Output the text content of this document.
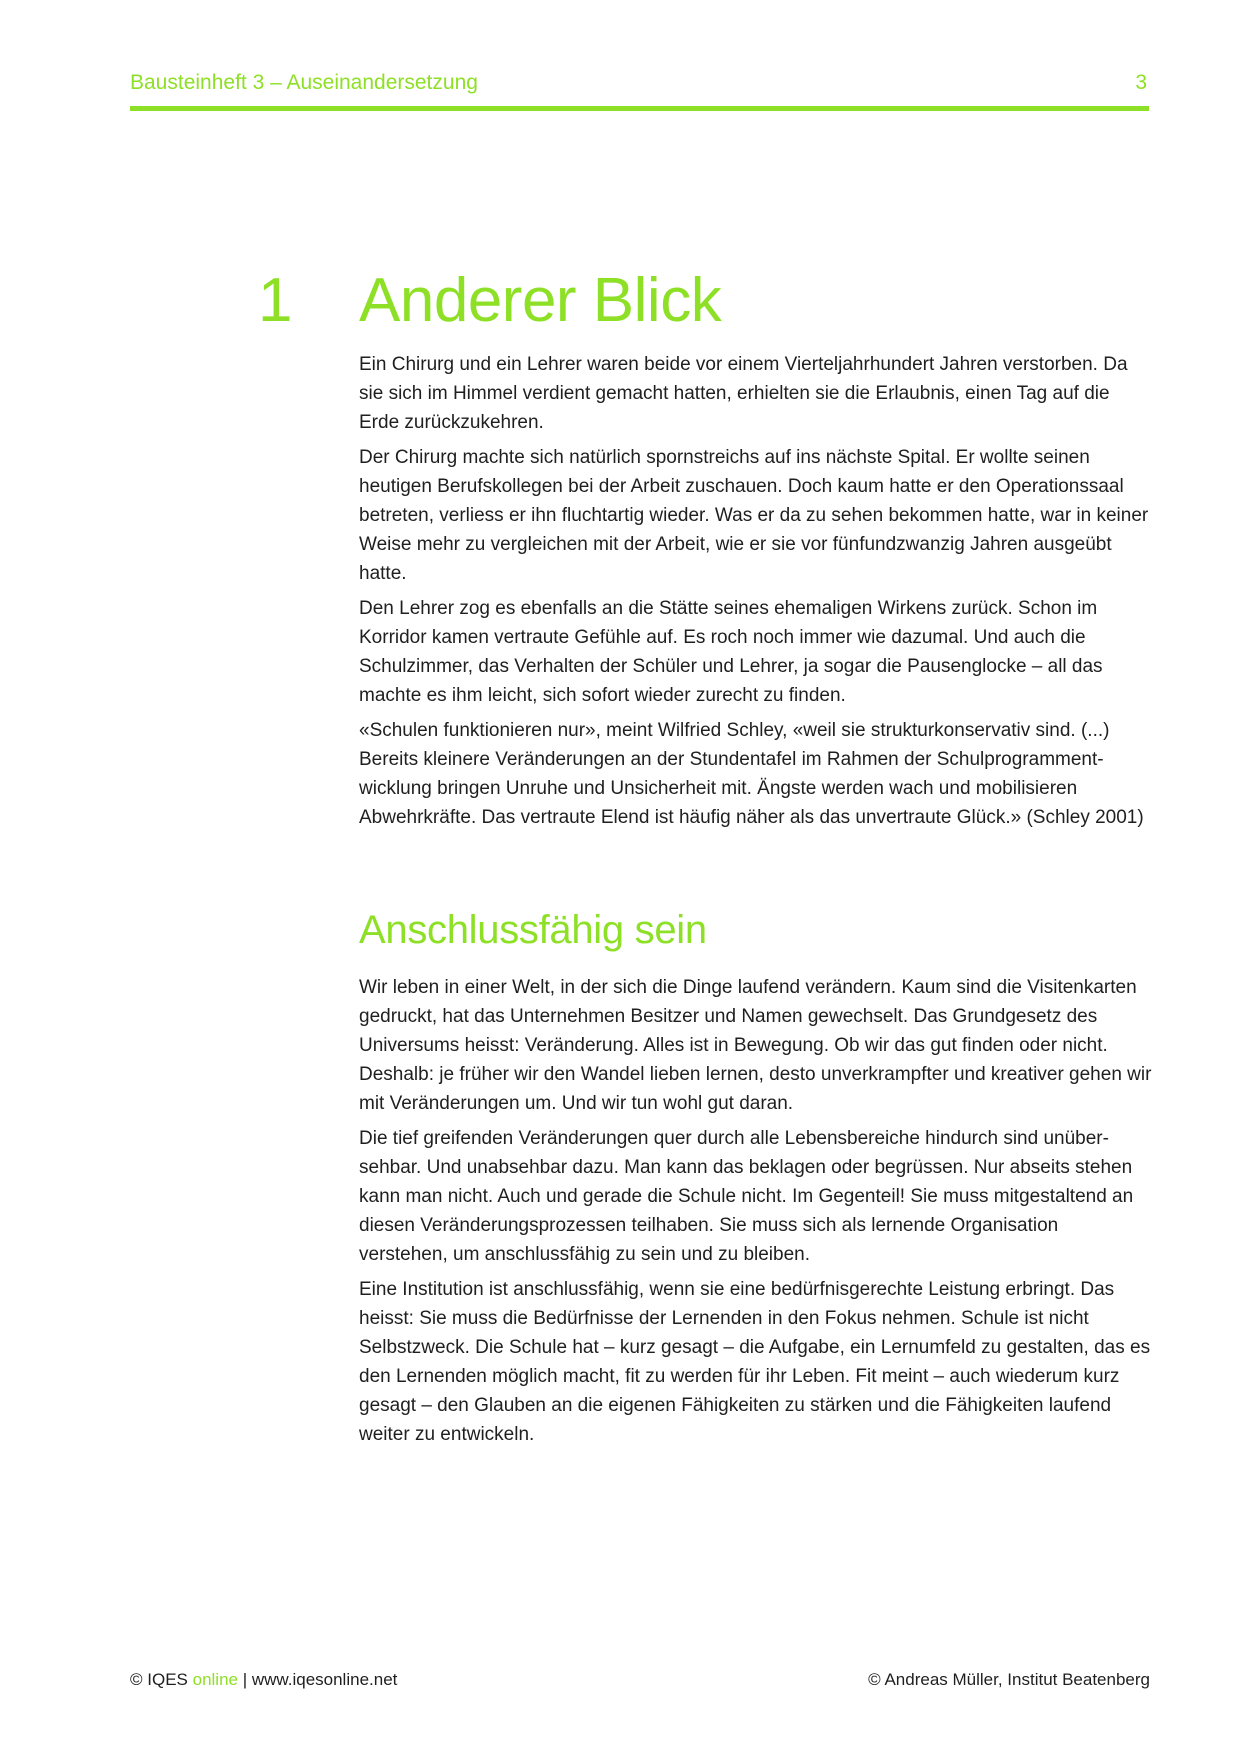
Bausteinheft 3 – Auseinandersetzung	3
1 Anderer Blick

Ein Chirurg und ein Lehrer waren beide vor einem Vierteljahrhundert Jahren verstorben. Da sie sich im Himmel verdient gemacht hatten, erhielten sie die Erlaubnis, einen Tag auf die Erde zurückzukehren.

Der Chirurg machte sich natürlich spornstreichs auf ins nächste Spital. Er wollte seinen heutigen Berufskollegen bei der Arbeit zuschauen. Doch kaum hatte er den Operationssaal betreten, verliess er ihn fluchtartig wieder. Was er da zu sehen bekommen hatte, war in keiner Weise mehr zu vergleichen mit der Arbeit, wie er sie vor fünfundzwanzig Jahren ausgeübt hatte.

Den Lehrer zog es ebenfalls an die Stätte seines ehemaligen Wirkens zurück. Schon im Korridor kamen vertraute Gefühle auf. Es roch noch immer wie dazumal. Und auch die Schulzimmer, das Verhalten der Schüler und Lehrer, ja sogar die Pausenglocke – all das machte es ihm leicht, sich sofort wieder zurecht zu finden.

«Schulen funktionieren nur», meint Wilfried Schley, «weil sie strukturkonservativ sind. (...) Bereits kleinere Veränderungen an der Stundentafel im Rahmen der Schulprogrammentwicklung bringen Unruhe und Unsicherheit mit. Ängste werden wach und mobilisieren Abwehrkräfte. Das vertraute Elend ist häufig näher als das unvertraute Glück.» (Schley 2001)

Anschlussfähig sein

Wir leben in einer Welt, in der sich die Dinge laufend verändern. Kaum sind die Visitenkarten gedruckt, hat das Unternehmen Besitzer und Namen gewechselt. Das Grundgesetz des Universums heisst: Veränderung. Alles ist in Bewegung. Ob wir das gut finden oder nicht. Deshalb: je früher wir den Wandel lieben lernen, desto unverkrampfter und kreativer gehen wir mit Veränderungen um. Und wir tun wohl gut daran.

Die tief greifenden Veränderungen quer durch alle Lebensbereiche hindurch sind unübersehbar. Und unabsehbar dazu. Man kann das beklagen oder begrüssen. Nur abseits stehen kann man nicht. Auch und gerade die Schule nicht. Im Gegenteil! Sie muss mitgestaltend an diesen Veränderungsprozessen teilhaben. Sie muss sich als lernende Organisation verstehen, um anschlussfähig zu sein und zu bleiben.

Eine Institution ist anschlussfähig, wenn sie eine bedürfnisgerechte Leistung erbringt. Das heisst: Sie muss die Bedürfnisse der Lernenden in den Fokus nehmen. Schule ist nicht Selbstzweck. Die Schule hat – kurz gesagt – die Aufgabe, ein Lernumfeld zu gestalten, das es den Lernenden möglich macht, fit zu werden für ihr Leben. Fit meint – auch wiederum kurz gesagt – den Glauben an die eigenen Fähigkeiten zu stärken und die Fähigkeiten laufend weiter zu entwickeln.

© IQES online | www.iqesonline.net	© Andreas Müller, Institut Beatenberg
